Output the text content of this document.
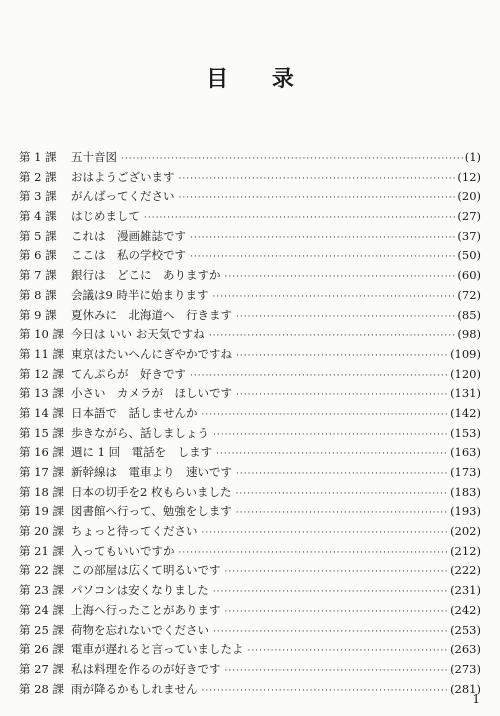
目 录
第 1 課	五十音図 ·····	(1)
第 2 課	おはようございます ·····	(12)
第 3 課	がんばってください ·····	(20)
第 4 課	はじめまして ·····	(27)
第 5 課	これは　漫画雑誌です ·····	(37)
第 6 課	ここは　私の学校です ·····	(50)
第 7 課	銀行は　どこに　ありますか ·····	(60)
第 8 課	会議は9 時半に始まります ·····	(72)
第 9 課	夏休みに　北海道へ　行きます ·····	(85)
第 10 課 今日は いい お天気ですね ·····	(98)
第 11 課 東京はたいへんにぎやかですね ·····	(109)
第 12 課 てんぷらが　好きです ·····	(120)
第 13 課 小さい　カメラが　ほしいです ·····	(131)
第 14 課 日本語で　話しませんか ·····	(142)
第 15 課 歩きながら、話しましょう ·····	(153)
第 16 課 週に 1 回　電話を　します ·····	(163)
第 17 課 新幹線は　電車より　速いです ·····	(173)
第 18 課 日本の切手を2 枚もらいました ·····	(183)
第 19 課 図書館へ行って、勉強をします ·····	(193)
第 20 課 ちょっと待ってください ·····	(202)
第 21 課 入ってもいいですか ·····	(212)
第 22 課 この部屋は広くて明るいです ·····	(222)
第 23 課 パソコンは安くなりました ·····	(231)
第 24 課 上海へ行ったことがあります ·····	(242)
第 25 課 荷物を忘れないでください ·····	(253)
第 26 課 電車が遅れると言っていましたよ ·····	(263)
第 27 課 私は料理を作るのが好きです ·····	(273)
第 28 課 雨が降るかもしれません ·····	(281)
1
